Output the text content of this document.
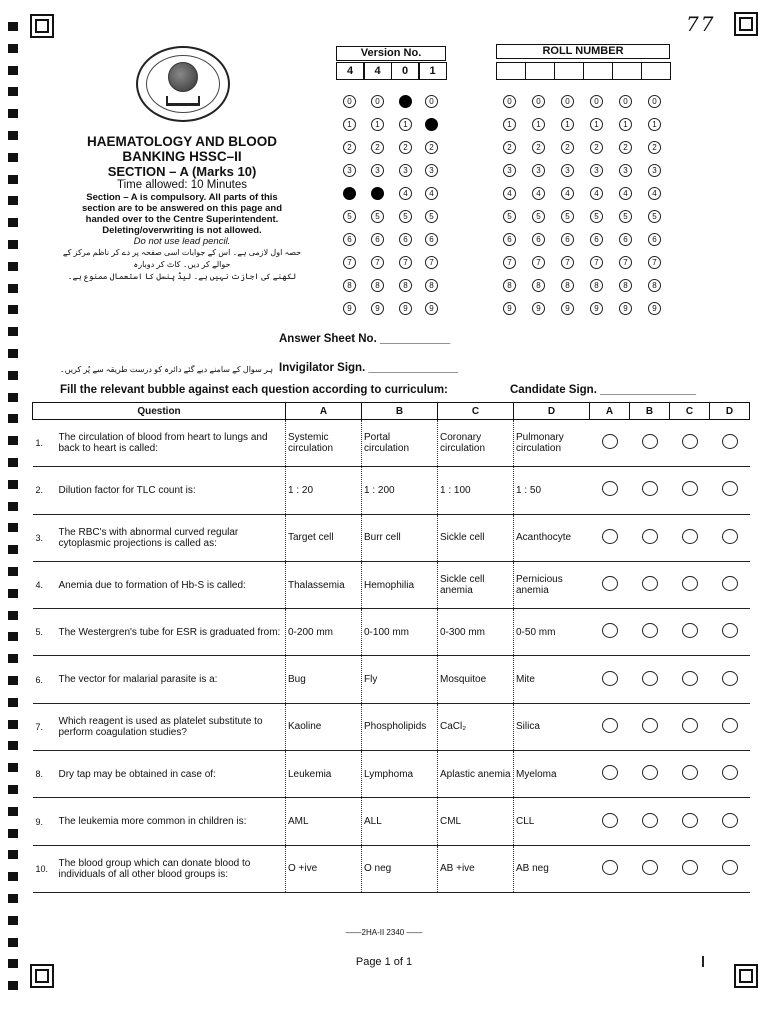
77
HAEMATOLOGY AND BLOOD
BANKING HSSC–II
SECTION – A (Marks 10)
Time allowed: 10 Minutes
Section – A is compulsory. All parts of this
section are to be answered on this page and
handed over to the Centre Superintendent.
Deleting/overwriting is not allowed.
Do not use lead pencil.
حصہ اول لازمی ہے۔ اس کے جوابات اسی صفحہ پر دے کر ناظم مرکز کے حوالے کر دیں۔ کاٹ کر دوبارہ
لکھنے کی اجازت نہیں ہے۔ لیڈ پنسل کا استعمال ممنوع ہے۔
Version No.
4	4	0	1
ROLL NUMBER
0
1
2
3
4
5
6
7
8
9
0
1
2
3
4
5
6
7
8
9
0
1
2
3
4
5
6
7
8
9
0
1
2
3
4
5
6
7
8
9
0
1
2
3
4
5
6
7
8
9
0
1
2
3
4
5
6
7
8
9
0
1
2
3
4
5
6
7
8
9
0
1
2
3
4
5
6
7
8
9
0
1
2
3
4
5
6
7
8
9
0
1
2
3
4
5
6
7
8
9
Answer Sheet No. ___________
ہر سوال کے سامنے دیے گئے دائرہ کو درست طریقہ سے پُر کریں۔ Invigilator Sign. ______________
Fill the relevant bubble against each question according to curriculum:	Candidate Sign. _______________
Question		A	B	C	D	A	B	C	D
1.	The circulation of blood from heart to lungs and back to heart is called:	Systemic circulation	Portal circulation	Coronary circulation	Pulmonary circulation				
2.	Dilution factor for TLC count is:	1 : 20	1 : 200	1 : 100	1 : 50				
3.	The RBC's with abnormal curved regular cytoplasmic projections is called as:	Target cell	Burr cell	Sickle cell	Acanthocyte				
4.	Anemia due to formation of Hb-S is called:	Thalassemia	Hemophilia	Sickle cell anemia	Pernicious anemia				
5.	The Westergren's tube for ESR is graduated from:	0-200 mm	0-100 mm	0-300 mm	0-50 mm				
6.	The vector for malarial parasite is a:	Bug	Fly	Mosquitoe	Mite				
7.	Which reagent is used as platelet substitute to perform coagulation studies?	Kaoline	Phospholipids	CaCl₂	Silica				
8.	Dry tap may be obtained in case of:	Leukemia	Lymphoma	Aplastic anemia	Myeloma				
9.	The leukemia more common in children is:	AML	ALL	CML	CLL				
10.	The blood group which can donate blood to individuals of all other blood groups is:	O +ive	O neg	AB +ive	AB neg				
——2HA-II 2340 ——
Page 1 of 1
